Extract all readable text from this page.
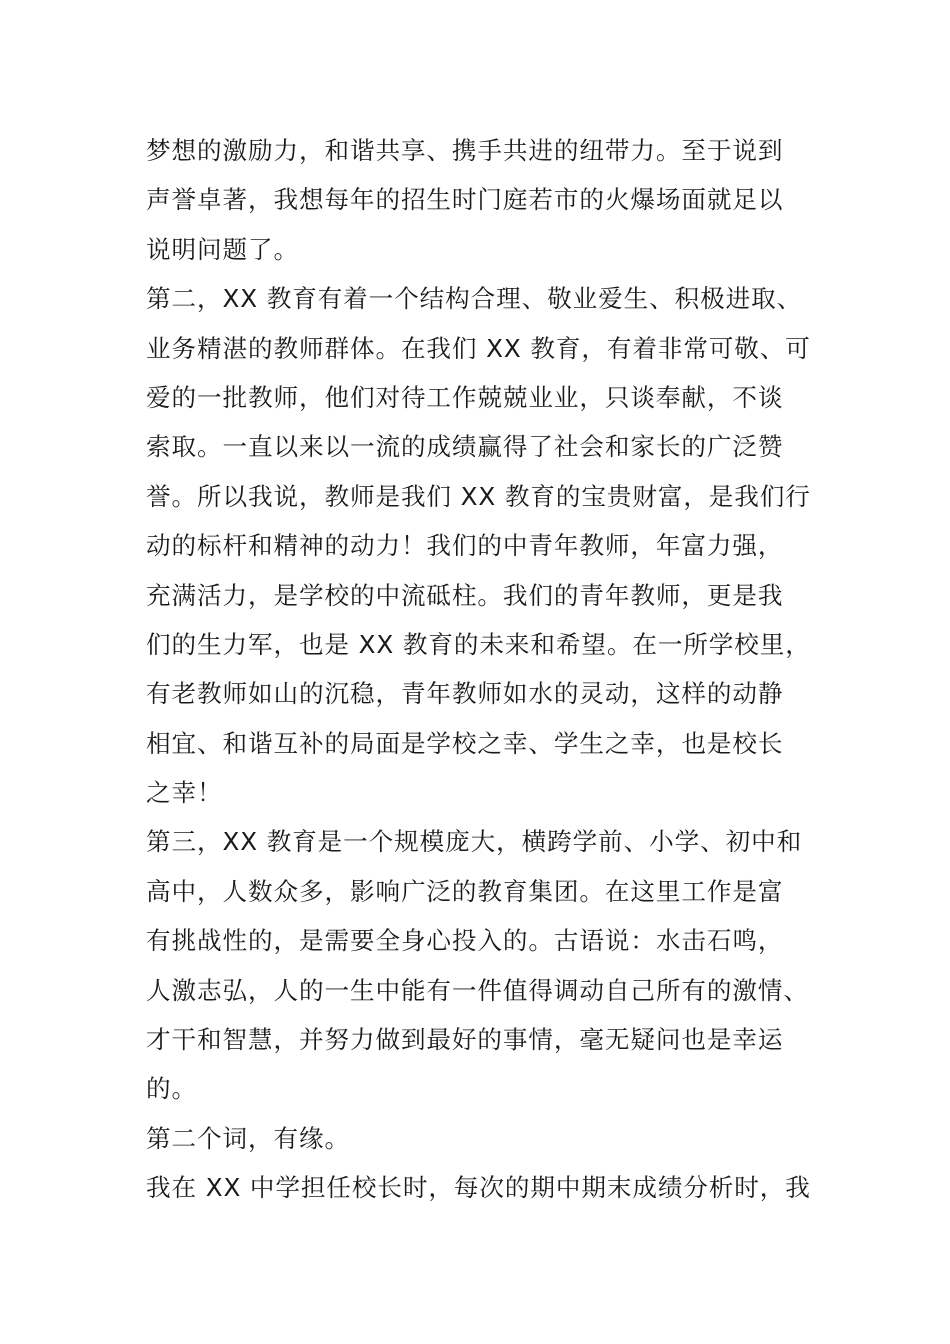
梦想的激励力，和谐共享、携手共进的纽带力。至于说到
声誉卓著，我想每年的招生时门庭若市的火爆场面就足以
说明问题了。
第二，XX 教育有着一个结构合理、敬业爱生、积极进取、
业务精湛的教师群体。在我们 XX 教育，有着非常可敬、可
爱的一批教师，他们对待工作兢兢业业，只谈奉献，不谈
索取。一直以来以一流的成绩赢得了社会和家长的广泛赞
誉。所以我说，教师是我们 XX 教育的宝贵财富，是我们行
动的标杆和精神的动力！我们的中青年教师，年富力强，
充满活力，是学校的中流砥柱。我们的青年教师，更是我
们的生力军，也是 XX 教育的未来和希望。在一所学校里，
有老教师如山的沉稳，青年教师如水的灵动，这样的动静
相宜、和谐互补的局面是学校之幸、学生之幸，也是校长
之幸！
第三，XX 教育是一个规模庞大，横跨学前、小学、初中和
高中，人数众多，影响广泛的教育集团。在这里工作是富
有挑战性的，是需要全身心投入的。古语说：水击石鸣，
人激志弘，人的一生中能有一件值得调动自己所有的激情、
才干和智慧，并努力做到最好的事情，毫无疑问也是幸运
的。
第二个词，有缘。
我在 XX 中学担任校长时，每次的期中期末成绩分析时，我
